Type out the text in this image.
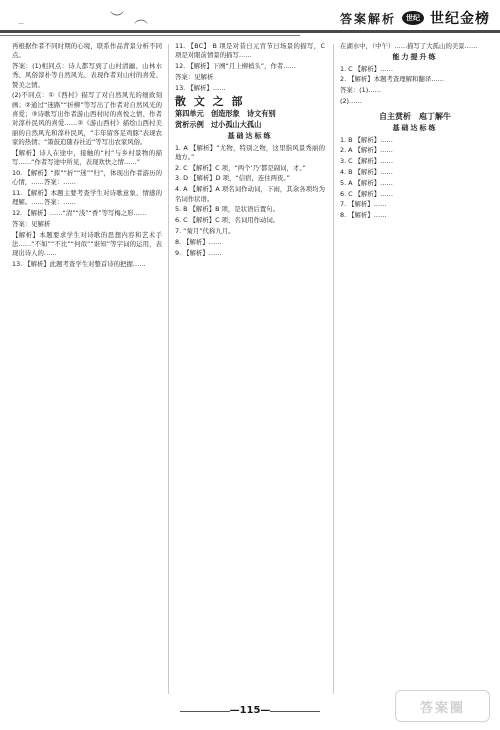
︶︵
—	答案解析 世纪 世纪金榜

再根据作者不同时期的心境，联系作品背景分析不同点。

答案：(1)相同点：诗人都写到了山村清幽、山林水秀、风俗淳朴等自然风光、表现作者对山村的喜爱、赞美之情。

(2)不同点：①《西村》描写了对自然风光的细致刻画；②通过“迷路”“折柳”等写出了作者对自然风光的喜爱；③诗歌写出作者游山西村时的喜悦之情、作者对淳朴民风的喜爱……②《游山西村》描绘山西村美丽的自然风光和淳朴民风，“丰年留客足鸡豚”表现农家的热情；“箫鼓追随春社近”等写出农家风俗。

【解析】诗人在途中，接触的“村”与乡村景物的描写……“作者写途中所见，表现欢快之情……”

10. 【解析】“挥”“折”“迷”“归”，体现出作者游历的心情，……答案：……

11. 【解析】本题主要考查学生对诗歌意象、情感的理解。……答案：……

12. 【解析】……“清”“浅”“香”等写梅之形……

答案：见解析

【解析】本题要求学生对诗歌的思想内容和艺术手法……“不如”“不比”“何似”“谁知”等字词的运用，表现出诗人的……

13. 【解析】此题考查学生对整首诗的把握……

11. 【BC】 B 项是对昔日元宵节日场景的描写，C 项是对眼前情景的描写……

12. 【解析】下阕“月上柳梢头”，作者……

答案：见解析

13. 【解析】……

散 文 之 部
第四单元　创造形象　诗文有别
赏析示例　过小孤山大孤山
基础达标练

1. A 【解析】“尤物，特别之物，这里指风景秀丽的地方。”

2. C 【解析】C 项，“两个‘乃’都是副词，才。”

3. D 【解析】D 项，“信宿，连住两夜。”

4. A 【解析】A 项名词作动词，下雨，其余各项均为名词作状语。

5. B 【解析】B 项，是状语后置句。

6. C 【解析】C 项，名词用作动词。

7. “菊月”代称九月。

8. 【解析】……

9. 【解析】……

在湖水中，（中午）……描写了大孤山的美景……

能力提升练

1. C 【解析】……

2. 【解析】本题考查理解和翻译……

答案：(1)……

(2)……

自主赏析　庖丁解牛
基础达标练

1. B 【解析】……

2. A 【解析】……

3. C 【解析】……

4. B 【解析】……

5. A 【解析】……

6. C 【解析】……

7. 【解析】……

8. 【解析】……

—115—	答案圈
